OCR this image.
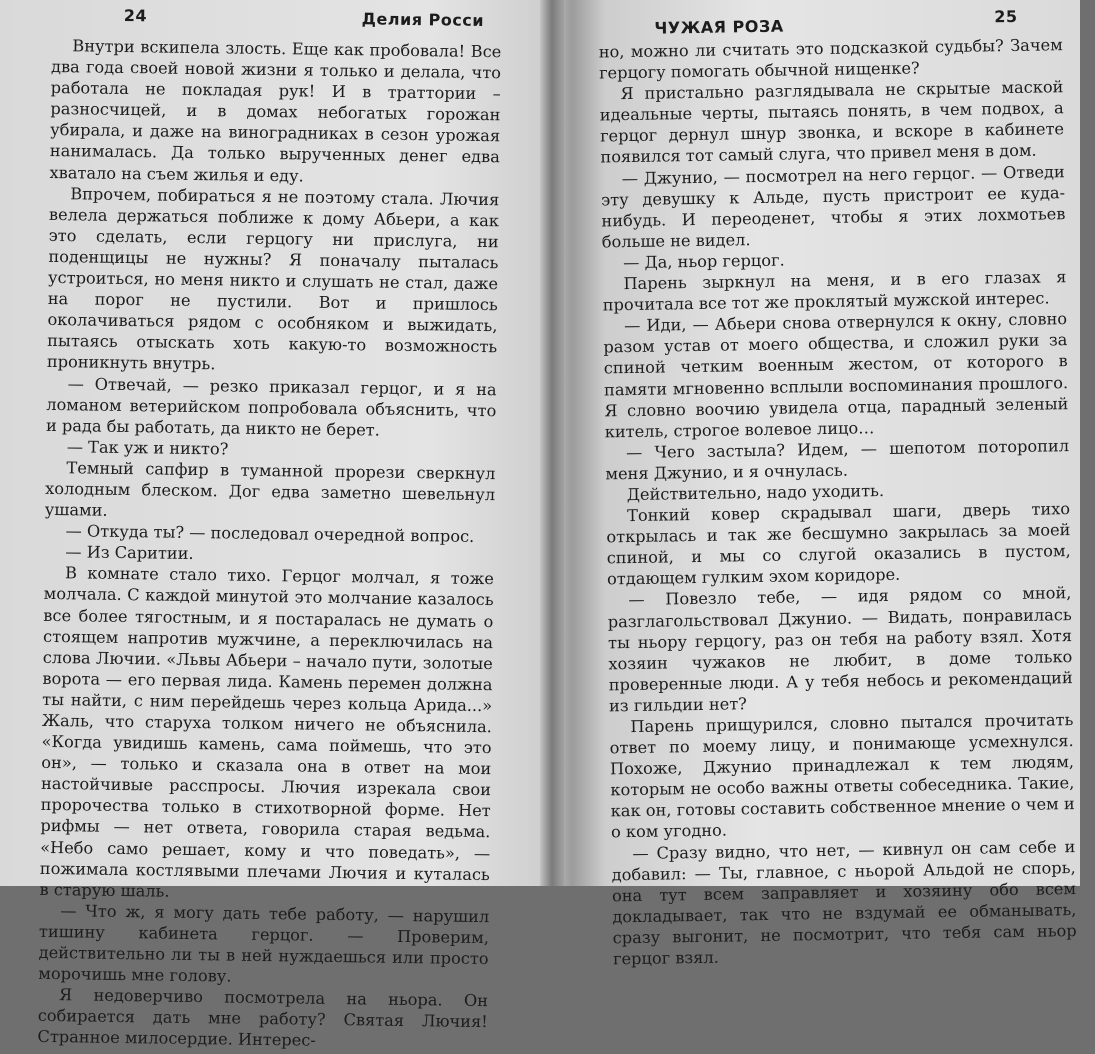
24	Делия Росси

Внутри вскипела злость. Еще как пробовала! Все два года своей новой жизни я только и делала, что работала не покладая рук! И в траттории – разносчицей, и в домах небогатых горожан убирала, и даже на виноградниках в сезон урожая нанималась. Да только вырученных денег едва хватало на съем жилья и еду.

Впрочем, побираться я не поэтому стала. Лючия велела держаться поближе к дому Абьери, а как это сделать, если герцогу ни прислуга, ни поденщицы не нужны? Я поначалу пыталась устроиться, но меня никто и слушать не стал, даже на порог не пустили. Вот и пришлось околачиваться рядом с особняком и выжидать, пытаясь отыскать хоть какую-то возможность проникнуть внутрь.

— Отвечай, — резко приказал герцог, и я на ломаном ветерийском попробовала объяснить, что и рада бы работать, да никто не берет.

— Так уж и никто?

Темный сапфир в туманной прорези сверкнул холодным блеском. Дог едва заметно шевельнул ушами.

— Откуда ты? — последовал очередной вопрос.

— Из Саритии.

В комнате стало тихо. Герцог молчал, я тоже молчала. С каждой минутой это молчание казалось все более тягостным, и я постаралась не думать о стоящем напротив мужчине, а переключилась на слова Лючии. «Львы Абьери – начало пути, золотые ворота — его первая лида. Камень перемен должна ты найти, с ним перейдешь через кольца Арида...» Жаль, что старуха толком ничего не объяснила. «Когда увидишь камень, сама поймешь, что это он», — только и сказала она в ответ на мои настойчивые расспросы. Лючия изрекала свои пророчества только в стихотворной форме. Нет рифмы — нет ответа, говорила старая ведьма. «Небо само решает, кому и что поведать», — пожимала костлявыми плечами Лючия и куталась в старую шаль.

— Что ж, я могу дать тебе работу, — нарушил тишину кабинета герцог. — Проверим, действительно ли ты в ней нуждаешься или просто морочишь мне голову.

Я недоверчиво посмотрела на ньора. Он собирается дать мне работу? Святая Лючия! Странное милосердие. Интерес-

ЧУЖАЯ РОЗА	25

но, можно ли считать это подсказкой судьбы? Зачем герцогу помогать обычной нищенке?

Я пристально разглядывала не скрытые маской идеальные черты, пытаясь понять, в чем подвох, а герцог дернул шнур звонка, и вскоре в кабинете появился тот самый слуга, что привел меня в дом.

— Джунио, — посмотрел на него герцог. — Отведи эту девушку к Альде, пусть пристроит ее куда-нибудь. И переоденет, чтобы я этих лохмотьев больше не видел.

— Да, ньор герцог.

Парень зыркнул на меня, и в его глазах я прочитала все тот же проклятый мужской интерес.

— Иди, — Абьери снова отвернулся к окну, словно разом устав от моего общества, и сложил руки за спиной четким военным жестом, от которого в памяти мгновенно всплыли воспоминания прошлого. Я словно воочию увидела отца, парадный зеленый китель, строгое волевое лицо…

— Чего застыла? Идем, — шепотом поторопил меня Джунио, и я очнулась.

Действительно, надо уходить.

Тонкий ковер скрадывал шаги, дверь тихо открылась и так же бесшумно закрылась за моей спиной, и мы со слугой оказались в пустом, отдающем гулким эхом коридоре.

— Повезло тебе, — идя рядом со мной, разглагольствовал Джунио. — Видать, понравилась ты ньору герцогу, раз он тебя на работу взял. Хотя хозяин чужаков не любит, в доме только проверенные люди. А у тебя небось и рекомендаций из гильдии нет?

Парень прищурился, словно пытался прочитать ответ по моему лицу, и понимающе усмехнулся. Похоже, Джунио принадлежал к тем людям, которым не особо важны ответы собеседника. Такие, как он, готовы составить собственное мнение о чем и о ком угодно.

— Сразу видно, что нет, — кивнул он сам себе и добавил: — Ты, главное, с ньорой Альдой не спорь, она тут всем заправляет и хозяину обо всем докладывает, так что не вздумай ее обманывать, сразу выгонит, не посмотрит, что тебя сам ньор герцог взял.
